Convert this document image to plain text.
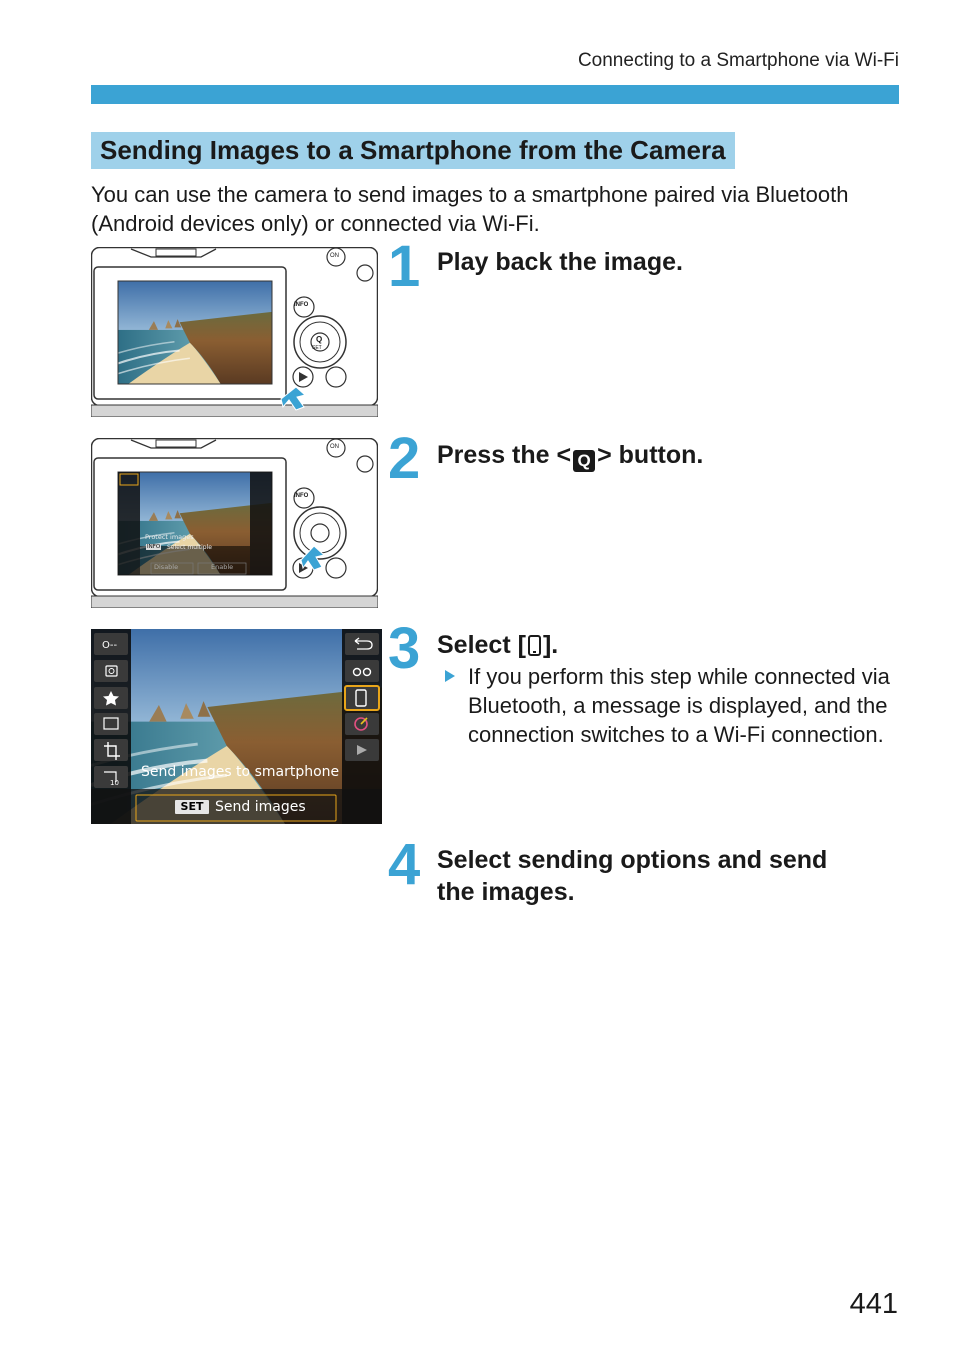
Connecting to a Smartphone via Wi-Fi
Sending Images to a Smartphone from the Camera
You can use the camera to send images to a smartphone paired via Bluetooth (Android devices only) or connected via Wi-Fi.
INFO
ON
Q
SET
1 Play back the image.
Protect images
INFO Select multiple
Disable	Enable
INFO
ON 2 Press the < Q > button.
O‑‑
10
Send images to smartphone
SET Send images
3 Select [ ].
If you perform this step while connected via Bluetooth, a message is displayed, and the connection switches to a Wi-Fi connection.
4 Select sending options and send
the images.
441
